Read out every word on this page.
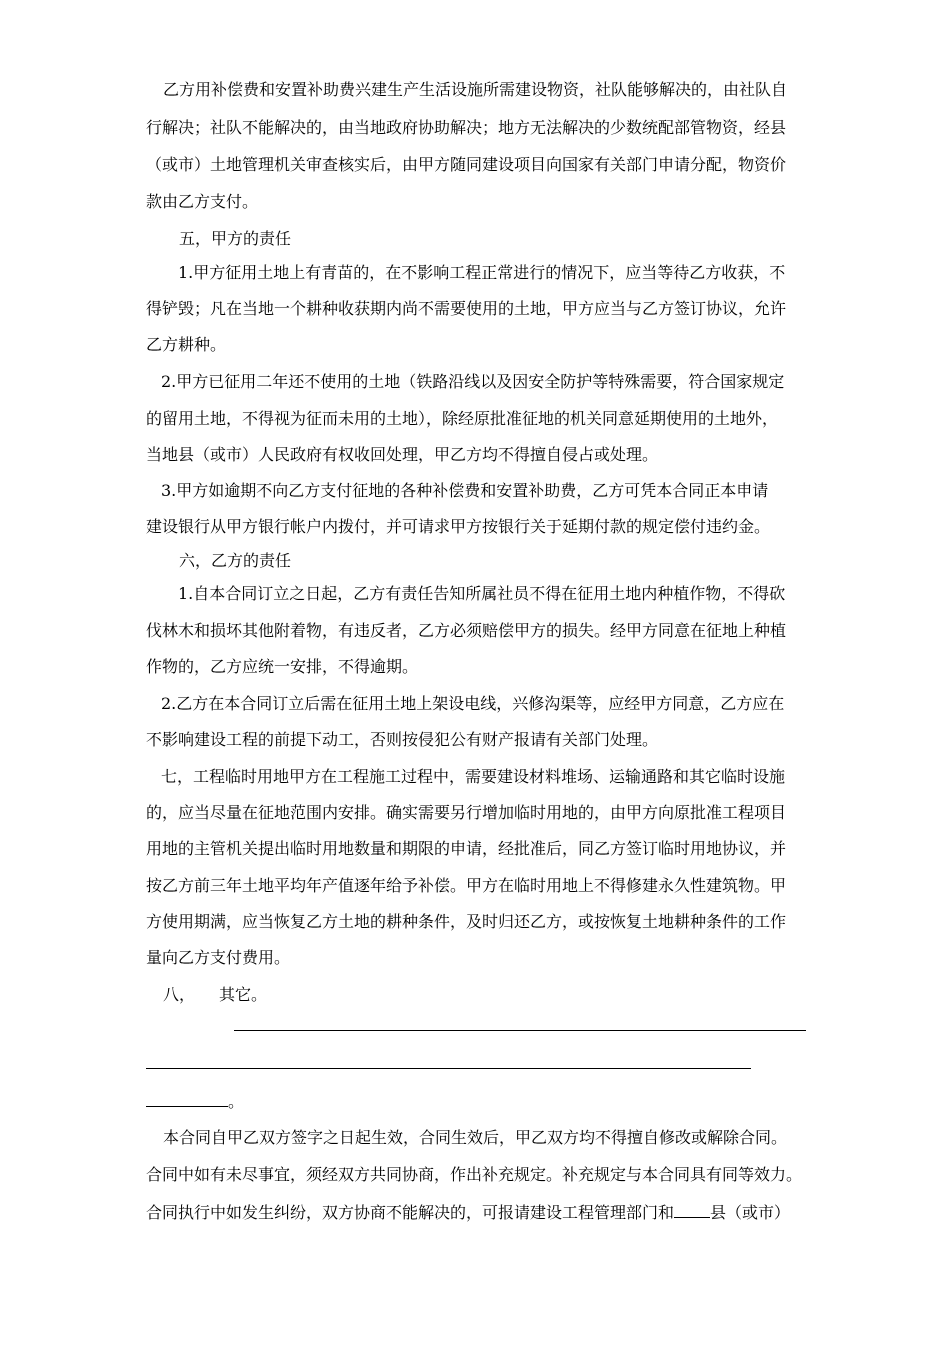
乙方用补偿费和安置补助费兴建生产生活设施所需建设物资，社队能够解决的，由社队自
行解决；社队不能解决的，由当地政府协助解决；地方无法解决的少数统配部管物资，经县
（或市）土地管理机关审查核实后，由甲方随同建设项目向国家有关部门申请分配，物资价
款由乙方支付。
五，甲方的责任
1.甲方征用土地上有青苗的，在不影响工程正常进行的情况下，应当等待乙方收获，不
得铲毁；凡在当地一个耕种收获期内尚不需要使用的土地，甲方应当与乙方签订协议，允许
乙方耕种。
2.甲方已征用二年还不使用的土地（铁路沿线以及因安全防护等特殊需要，符合国家规定
的留用土地，不得视为征而未用的土地），除经原批准征地的机关同意延期使用的土地外，
当地县（或市）人民政府有权收回处理，甲乙方均不得擅自侵占或处理。
3.甲方如逾期不向乙方支付征地的各种补偿费和安置补助费，乙方可凭本合同正本申请
建设银行从甲方银行帐户内拨付，并可请求甲方按银行关于延期付款的规定偿付违约金。
六，乙方的责任
1.自本合同订立之日起，乙方有责任告知所属社员不得在征用土地内种植作物，不得砍
伐林木和损坏其他附着物，有违反者，乙方必须赔偿甲方的损失。经甲方同意在征地上种植
作物的，乙方应统一安排，不得逾期。
2.乙方在本合同订立后需在征用土地上架设电线，兴修沟渠等，应经甲方同意，乙方应在
不影响建设工程的前提下动工，否则按侵犯公有财产报请有关部门处理。
七，工程临时用地甲方在工程施工过程中，需要建设材料堆场、运输通路和其它临时设施
的，应当尽量在征地范围内安排。确实需要另行增加临时用地的，由甲方向原批准工程项目
用地的主管机关提出临时用地数量和期限的申请，经批准后，同乙方签订临时用地协议，并
按乙方前三年土地平均年产值逐年给予补偿。甲方在临时用地上不得修建永久性建筑物。甲
方使用期满，应当恢复乙方土地的耕种条件，及时归还乙方，或按恢复土地耕种条件的工作
量向乙方支付费用。
八，　　其它。
。
本合同自甲乙双方签字之日起生效，合同生效后，甲乙双方均不得擅自修改或解除合同。
合同中如有未尽事宜，须经双方共同协商，作出补充规定。补充规定与本合同具有同等效力。
合同执行中如发生纠纷，双方协商不能解决的，可报请建设工程管理部门和 县（或市）
